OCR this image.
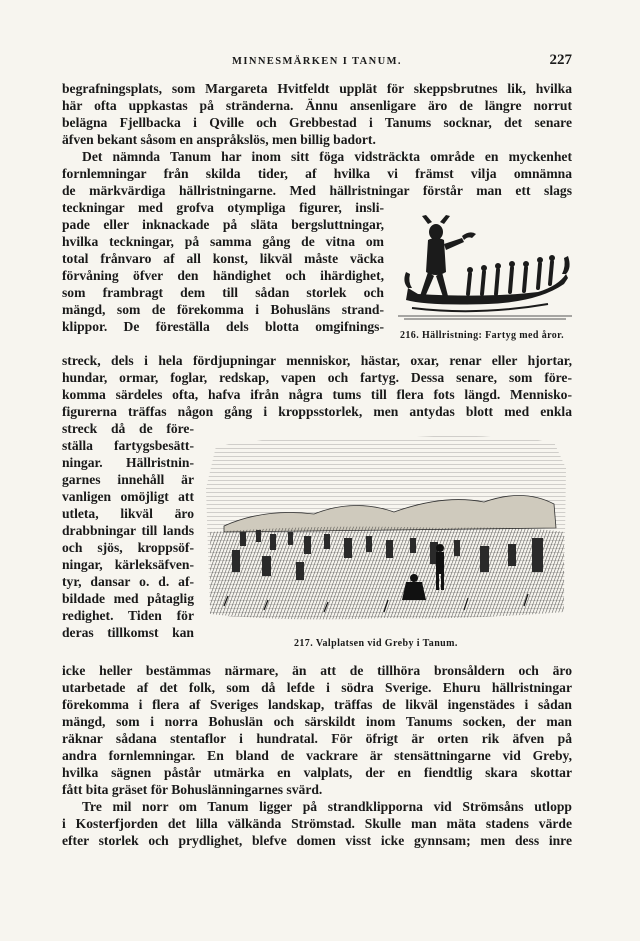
MINNESMÄRKEN I TANUM.	227
begrafningsplats, som Margareta Hvitfeldt upplät för skeppsbrutnes lik, hvilka
här ofta uppkastas på stränderna. Ännu ansenligare äro de längre norrut
belägna Fjellbacka i Qville och Grebbestad i Tanums socknar, det senare
äfven bekant såsom en anspråkslös, men billig badort.
Det nämnda Tanum har inom sitt föga vidsträckta område en myckenhet
fornlemningar från skilda tider, af hvilka vi främst vilja omnämna
de märkvärdiga hällristningarne. Med hällristningar förstår man ett slags
teckningar med grofva otympliga figurer, insli-
pade eller inknackade på släta bergsluttningar,
hvilka teckningar, på samma gång de vitna om
total frånvaro af all konst, likväl måste väcka
förvåning öfver den händighet och ihärdighet,
som frambragt dem till sådan storlek och
mängd, som de förekomma i Bohusläns strand-
klippor. De föreställa dels blotta omgifnings-
216. Hällristning: Fartyg med åror.
streck, dels i hela fördjupningar menniskor, hästar, oxar, renar eller hjortar,
hundar, ormar, foglar, redskap, vapen och fartyg. Dessa senare, som före-
komma särdeles ofta, hafva ifrån några tums till flera fots längd. Mennisko-
figurerna träffas någon gång i kroppsstorlek, men antydas blott med enkla
streck då de före-
ställa fartygsbesätt-
ningar. Hällristnin-
garnes innehåll är
vanligen omöjligt att
utleta, likväl äro
drabbningar till lands
och sjös, kroppsöf-
ningar, kärleksäfven-
tyr, dansar o. d. af-
bildade med påtaglig
redighet. Tiden för
deras tillkomst kan
217. Valplatsen vid Greby i Tanum.
icke heller bestämmas närmare, än att de tillhöra bronsåldern och äro
utarbetade af det folk, som då lefde i södra Sverige. Ehuru hällristningar
förekomma i flera af Sveriges landskap, träffas de likväl ingenstädes i sådan
mängd, som i norra Bohuslän och särskildt inom Tanums socken, der man
räknar sådana stentaflor i hundratal. För öfrigt är orten rik äfven på
andra fornlemningar. En bland de vackrare är stensättningarne vid Greby,
hvilka sägnen påstår utmärka en valplats, der en fiendtlig skara skottar
fått bita gräset för Bohuslänningarnes svärd.
Tre mil norr om Tanum ligger på strandklipporna vid Strömsåns utlopp
i Kosterfjorden det lilla välkända Strömstad. Skulle man mäta stadens värde
efter storlek och prydlighet, blefve domen visst icke gynnsam; men dess inre
